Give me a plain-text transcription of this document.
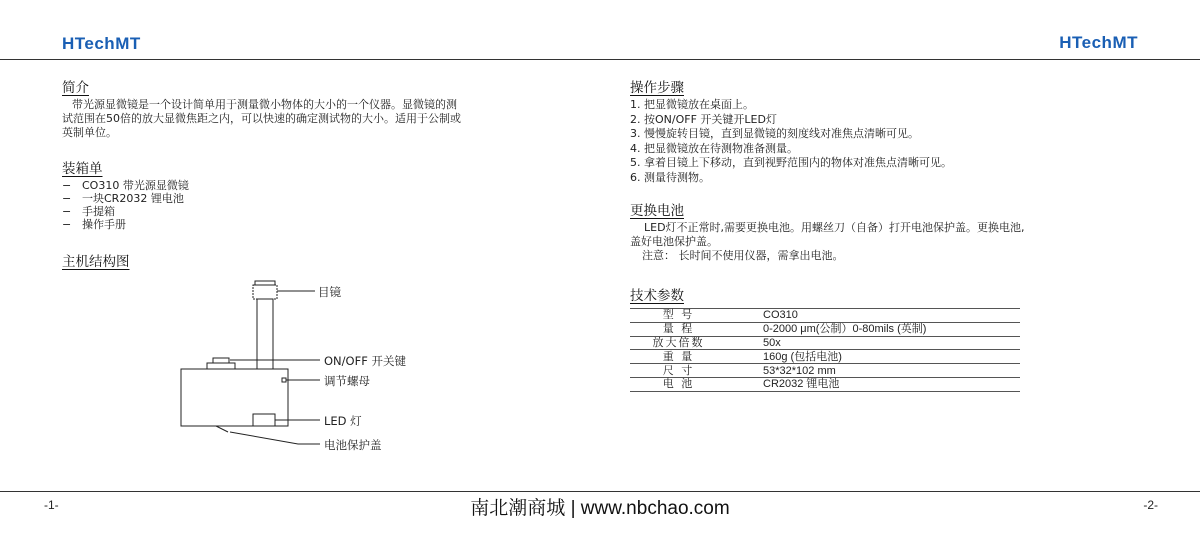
HTechMT	HTechMT
简介
带光源显微镜是一个设计简单用于测量微小物体的大小的一个仪器。显微镜的测
试范围在50倍的放大显微焦距之内，可以快速的确定测试物的大小。适用于公制或
英制单位。
装箱单
− CO310 带光源显微镜
− 一块CR2032 锂电池
− 手提箱
− 操作手册
主机结构图
目镜
ON/OFF 开关键
调节螺母
LED 灯
电池保护盖
操作步骤
1. 把显微镜放在桌面上。
2. 按ON/OFF 开关键开LED灯
3. 慢慢旋转目镜，直到显微镜的刻度线对准焦点清晰可见。
4. 把显微镜放在待测物准备测量。
5. 拿着目镜上下移动，直到视野范围内的物体对准焦点清晰可见。
6. 测量待测物。
更换电池
LED灯不正常时,需要更换电池。用螺丝刀（自备）打开电池保护盖。更换电池,
盖好电池保护盖。
注意： 长时间不使用仪器，需拿出电池。
技术参数
型 号	CO310
量 程	0-2000 μm(公制）0-80mils (英制)
放大倍数	50x
重 量	160g (包括电池)
尺 寸	53*32*102 mm
电 池	CR2032 锂电池
-1-	-2-
南北潮商城 | www.nbchao.com
